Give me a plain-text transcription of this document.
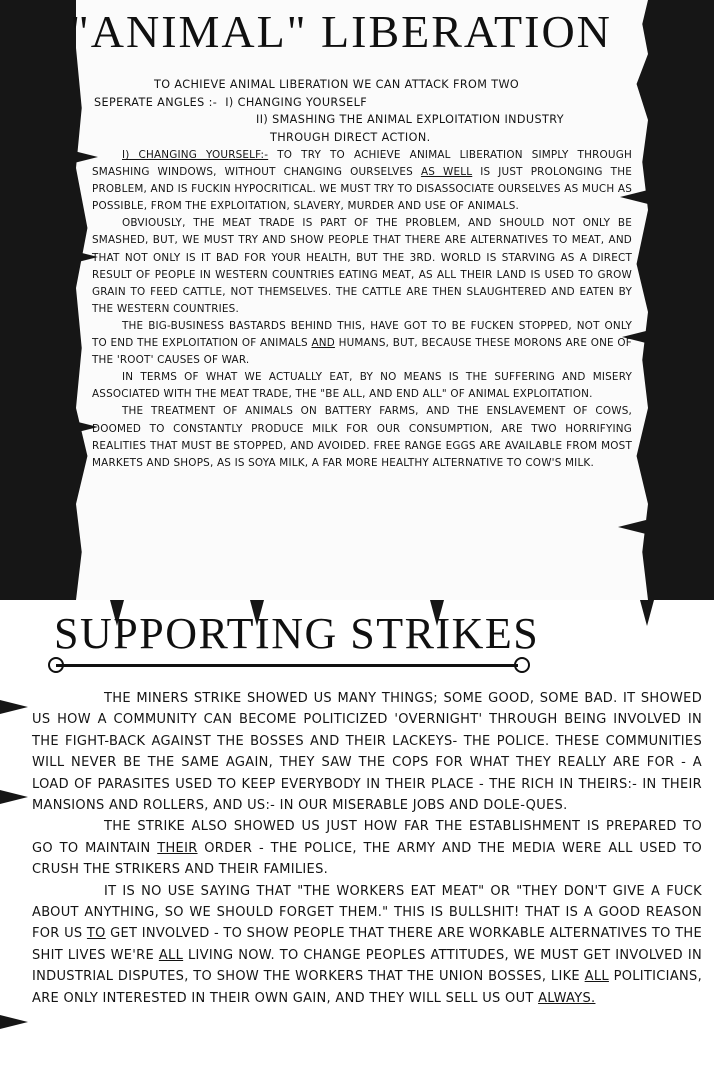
"ANIMAL" LIBERATION
TO ACHIEVE ANIMAL LIBERATION WE CAN ATTACK FROM TWO
SEPERATE ANGLES :- I) CHANGING YOURSELF
II) SMASHING THE ANIMAL EXPLOITATION INDUSTRY
THROUGH DIRECT ACTION.

I) CHANGING YOURSELF:- TO TRY TO ACHIEVE ANIMAL LIBERATION SIMPLY THROUGH SMASHING WINDOWS, WITHOUT CHANGING OURSELVES AS WELL IS JUST PROLONGING THE PROBLEM, AND IS FUCKIN HYPOCRITICAL. WE MUST TRY TO DISASSOCIATE OURSELVES AS MUCH AS POSSIBLE, FROM THE EXPLOITATION, SLAVERY, MURDER AND USE OF ANIMALS.

OBVIOUSLY, THE MEAT TRADE IS PART OF THE PROBLEM, AND SHOULD NOT ONLY BE SMASHED, BUT, WE MUST TRY AND SHOW PEOPLE THAT THERE ARE ALTERNATIVES TO MEAT, AND THAT NOT ONLY IS IT BAD FOR YOUR HEALTH, BUT THE 3RD. WORLD IS STARVING AS A DIRECT RESULT OF PEOPLE IN WESTERN COUNTRIES EATING MEAT, AS ALL THEIR LAND IS USED TO GROW GRAIN TO FEED CATTLE, NOT THEMSELVES. THE CATTLE ARE THEN SLAUGHTERED AND EATEN BY THE WESTERN COUNTRIES.

THE BIG-BUSINESS BASTARDS BEHIND THIS, HAVE GOT TO BE FUCKEN STOPPED, NOT ONLY TO END THE EXPLOITATION OF ANIMALS AND HUMANS, BUT, BECAUSE THESE MORONS ARE ONE OF THE 'ROOT' CAUSES OF WAR.

IN TERMS OF WHAT WE ACTUALLY EAT, BY NO MEANS IS THE SUFFERING AND MISERY ASSOCIATED WITH THE MEAT TRADE, THE "BE ALL, AND END ALL" OF ANIMAL EXPLOITATION.

THE TREATMENT OF ANIMALS ON BATTERY FARMS, AND THE ENSLAVEMENT OF COWS, DOOMED TO CONSTANTLY PRODUCE MILK FOR OUR CONSUMPTION, ARE TWO HORRIFYING REALITIES THAT MUST BE STOPPED, AND AVOIDED. FREE RANGE EGGS ARE AVAILABLE FROM MOST MARKETS AND SHOPS, AS IS SOYA MILK, A FAR MORE HEALTHY ALTERNATIVE TO COW'S MILK.

SUPPORTING STRIKES

THE MINERS STRIKE SHOWED US MANY THINGS; SOME GOOD, SOME BAD. IT SHOWED US HOW A COMMUNITY CAN BECOME POLITICIZED 'OVERNIGHT' THROUGH BEING INVOLVED IN THE FIGHT-BACK AGAINST THE BOSSES AND THEIR LACKEYS- THE POLICE. THESE COMMUNITIES WILL NEVER BE THE SAME AGAIN, THEY SAW THE COPS FOR WHAT THEY REALLY ARE FOR - A LOAD OF PARASITES USED TO KEEP EVERYBODY IN THEIR PLACE - THE RICH IN THEIRS:- IN THEIR MANSIONS AND ROLLERS, AND US:- IN OUR MISERABLE JOBS AND DOLE-QUES.

THE STRIKE ALSO SHOWED US JUST HOW FAR THE ESTABLISHMENT IS PREPARED TO GO TO MAINTAIN THEIR ORDER - THE POLICE, THE ARMY AND THE MEDIA WERE ALL USED TO CRUSH THE STRIKERS AND THEIR FAMILIES.

IT IS NO USE SAYING THAT "THE WORKERS EAT MEAT" OR "THEY DON'T GIVE A FUCK ABOUT ANYTHING, SO WE SHOULD FORGET THEM." THIS IS BULLSHIT! THAT IS A GOOD REASON FOR US TO GET INVOLVED - TO SHOW PEOPLE THAT THERE ARE WORKABLE ALTERNATIVES TO THE SHIT LIVES WE'RE ALL LIVING NOW. TO CHANGE PEOPLES ATTITUDES, WE MUST GET INVOLVED IN INDUSTRIAL DISPUTES, TO SHOW THE WORKERS THAT THE UNION BOSSES, LIKE ALL POLITICIANS, ARE ONLY INTERESTED IN THEIR OWN GAIN, AND THEY WILL SELL US OUT ALWAYS.
